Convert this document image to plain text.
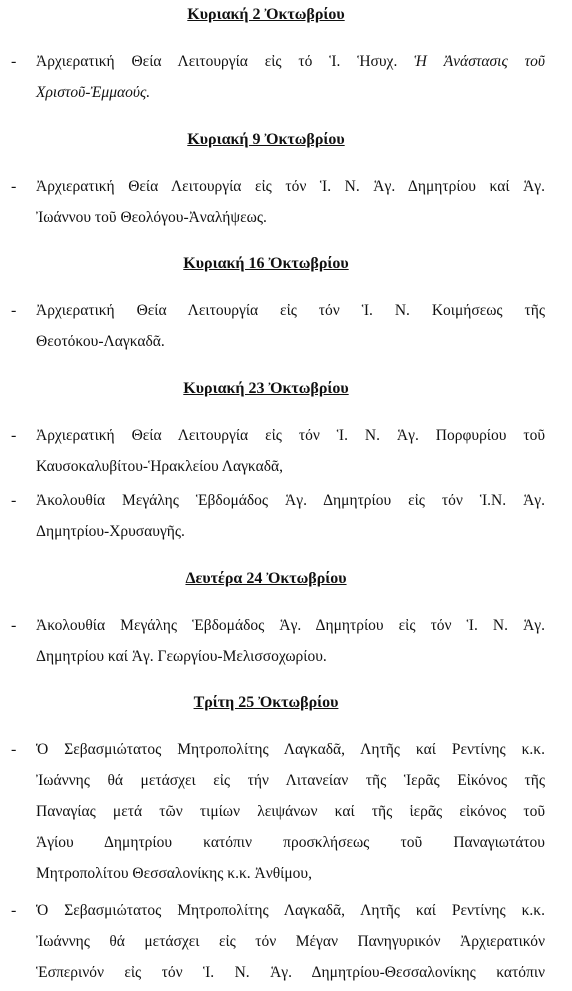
Κυριακή 2 Ὀκτωβρίου
- Ἀρχιερατική Θεία Λειτουργία εἰς τό Ἱ. Ἡσυχ. Ἡ Ἀνάστασις τοῦ
Χριστοῦ-Ἐμμαούς.
Κυριακή 9 Ὀκτωβρίου
- Ἀρχιερατική Θεία Λειτουργία εἰς τόν Ἱ. Ν. Ἁγ. Δημητρίου καί Ἁγ.
Ἰωάννου τοῦ Θεολόγου-Ἀναλήψεως.
Κυριακή 16 Ὀκτωβρίου
- Ἀρχιερατική Θεία Λειτουργία εἰς τόν Ἱ. Ν. Κοιμήσεως τῆς
Θεοτόκου-Λαγκαδᾶ.
Κυριακή 23 Ὀκτωβρίου
- Ἀρχιερατική Θεία Λειτουργία εἰς τόν Ἱ. Ν. Ἁγ. Πορφυρίου τοῦ
Καυσοκαλυβίτου-Ἡρακλείου Λαγκαδᾶ,
- Ἀκολουθία Μεγάλης Ἑβδομάδος Ἁγ. Δημητρίου εἰς τόν Ἱ.Ν. Ἁγ.
Δημητρίου-Χρυσαυγῆς.
Δευτέρα 24 Ὀκτωβρίου
- Ἀκολουθία Μεγάλης Ἑβδομάδος Ἁγ. Δημητρίου εἰς τόν Ἱ. Ν. Ἁγ.
Δημητρίου καί Ἁγ. Γεωργίου-Μελισσοχωρίου.
Τρίτη 25 Ὀκτωβρίου
- Ὁ Σεβασμιώτατος Μητροπολίτης Λαγκαδᾶ, Λητῆς καί Ρεντίνης κ.κ.
Ἰωάννης θά μετάσχει εἰς τήν Λιτανείαν τῆς Ἱερᾶς Εἰκόνος τῆς
Παναγίας μετά τῶν τιμίων λειψάνων καί τῆς ἱερᾶς εἰκόνος τοῦ
Ἁγίου Δημητρίου κατόπιν προσκλήσεως τοῦ Παναγιωτάτου
Μητροπολίτου Θεσσαλονίκης κ.κ. Ἀνθίμου,
- Ὁ Σεβασμιώτατος Μητροπολίτης Λαγκαδᾶ, Λητῆς καί Ρεντίνης κ.κ.
Ἰωάννης θά μετάσχει εἰς τόν Μέγαν Πανηγυρικόν Ἀρχιερατικόν
Ἑσπερινόν εἰς τόν Ἱ. Ν. Ἁγ. Δημητρίου-Θεσσαλονίκης κατόπιν
